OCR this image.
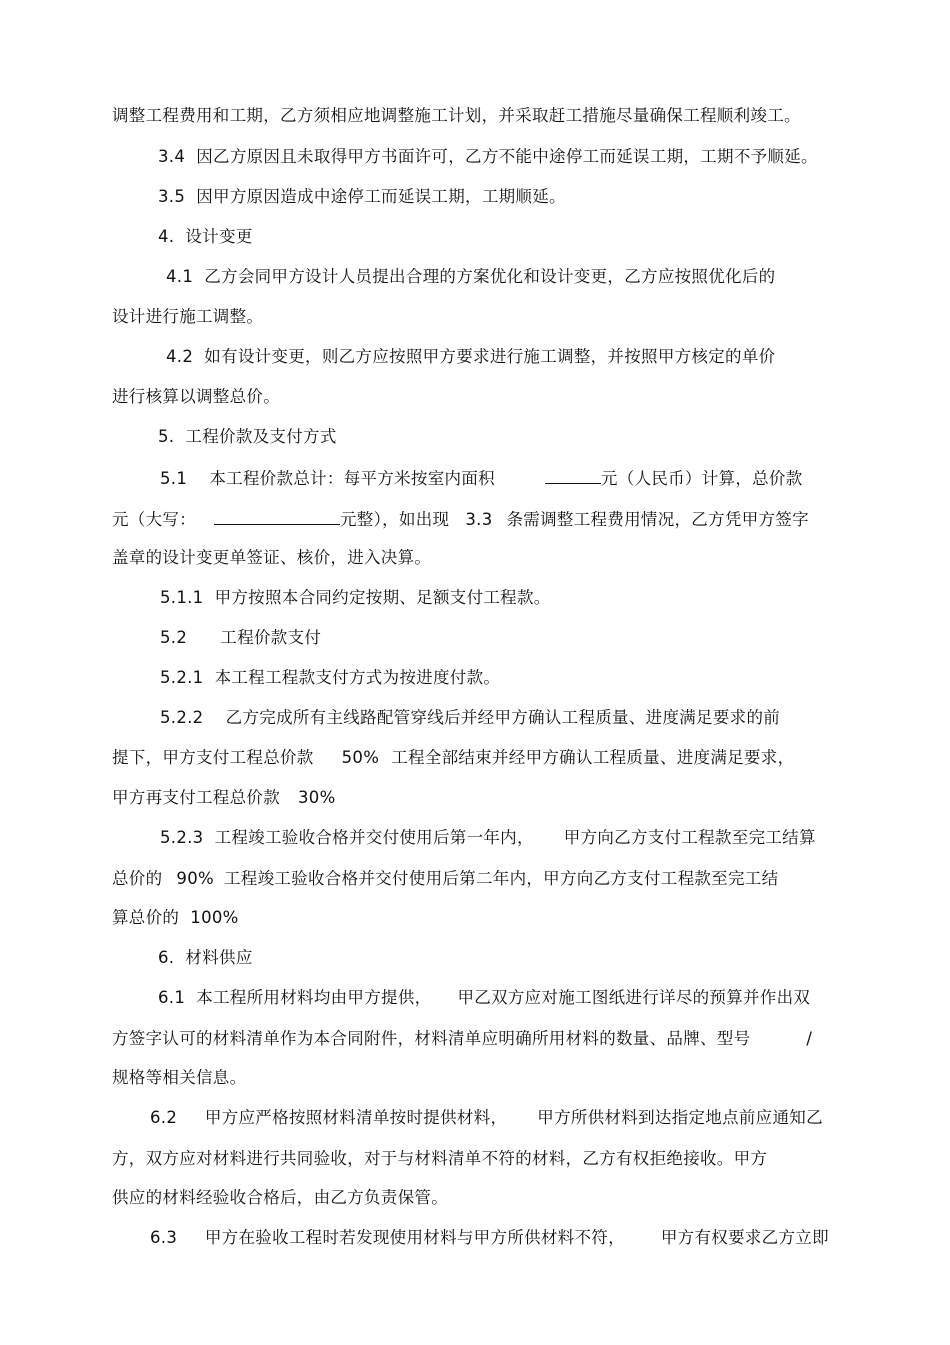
调整工程费用和工期，乙方须相应地调整施工计划，并采取赶工措施尽量确保工程顺利竣工。
3.4  因乙方原因且未取得甲方书面许可，乙方不能中途停工而延误工期，工期不予顺延。
3.5  因甲方原因造成中途停工而延误工期，工期顺延。
4.  设计变更
4.1  乙方会同甲方设计人员提出合理的方案优化和设计变更，乙方应按照优化后的
设计进行施工调整。
4.2  如有设计变更，则乙方应按照甲方要求进行施工调整，并按照甲方核定的单价
进行核算以调整总价。
5.  工程价款及支付方式
5.1    本工程价款总计：每平方米按室内面积	元（人民币）计算，总价款
元（大写：	元整），如出现 3.3 条需调整工程费用情况，乙方凭甲方签字
盖章的设计变更单签证、核价，进入决算。
5.1.1  甲方按照本合同约定按期、足额支付工程款。
5.2      工程价款支付
5.2.1  本工程工程款支付方式为按进度付款。
5.2.2    乙方完成所有主线路配管穿线后并经甲方确认工程质量、进度满足要求的前
提下，甲方支付工程总价款 50% 工程全部结束并经甲方确认工程质量、进度满足要求，
甲方再支付工程总价款 30%
5.2.3  工程竣工验收合格并交付使用后第一年内， 甲方向乙方支付工程款至完工结算
总价的 90% 工程竣工验收合格并交付使用后第二年内，甲方向乙方支付工程款至完工结
算总价的  100%
6.  材料供应
6.1  本工程所用材料均由甲方提供， 甲乙双方应对施工图纸进行详尽的预算并作出双
方签字认可的材料清单作为本合同附件，材料清单应明确所用材料的数量、品牌、型号	/
规格等相关信息。
6.2     甲方应严格按照材料清单按时提供材料， 甲方所供材料到达指定地点前应通知乙
方，双方应对材料进行共同验收，对于与材料清单不符的材料，乙方有权拒绝接收。甲方
供应的材料经验收合格后，由乙方负责保管。
6.3     甲方在验收工程时若发现使用材料与甲方所供材料不符， 甲方有权要求乙方立即
